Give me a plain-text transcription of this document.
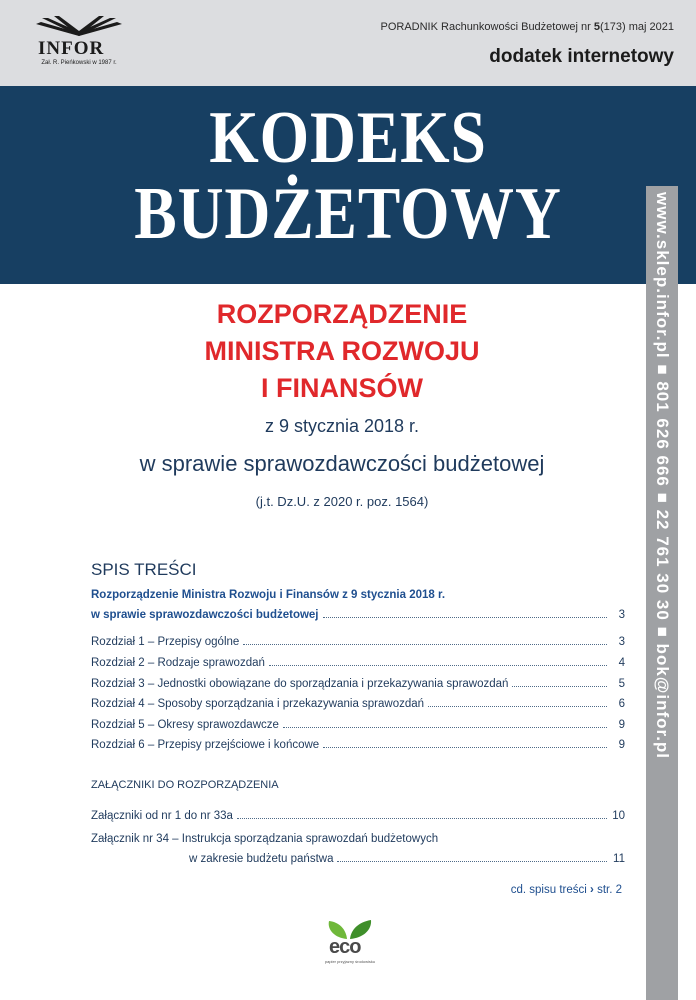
INFOR
Zał. R. Pieńkowski w 1987 r.
PORADNIK Rachunkowości Budżetowej nr 5(173) maj 2021
dodatek internetowy
KODEKS
BUDŻETOWY	www.sklep.infor.pl ■ 801 626 666 ■ 22 761 30 30 ■ bok@infor.pl
ROZPORZĄDZENIE
MINISTRA ROZWOJU
I FINANSÓW
z 9 stycznia 2018 r.
w sprawie sprawozdawczości budżetowej
(j.t. Dz.U. z 2020 r. poz. 1564)
SPIS TREŚCI
Rozporządzenie Ministra Rozwoju i Finansów z 9 stycznia 2018 r.
w sprawie sprawozdawczości budżetowej	3
Rozdział 1 – Przepisy ogólne	3
Rozdział 2 – Rodzaje sprawozdań	4
Rozdział 3 – Jednostki obowiązane do sporządzania i przekazywania sprawozdań	5
Rozdział 4 – Sposoby sporządzania i przekazywania sprawozdań	6
Rozdział 5 – Okresy sprawozdawcze	9
Rozdział 6 – Przepisy przejściowe i końcowe	9
ZAŁĄCZNIKI DO ROZPORZĄDZENIA
Załączniki od nr 1 do nr 33a	10
Załącznik nr 34 – Instrukcja sporządzania sprawozdań budżetowych
w zakresie budżetu państwa	11
cd. spisu treści › str. 2
eco
papier przyjazny środowisku
